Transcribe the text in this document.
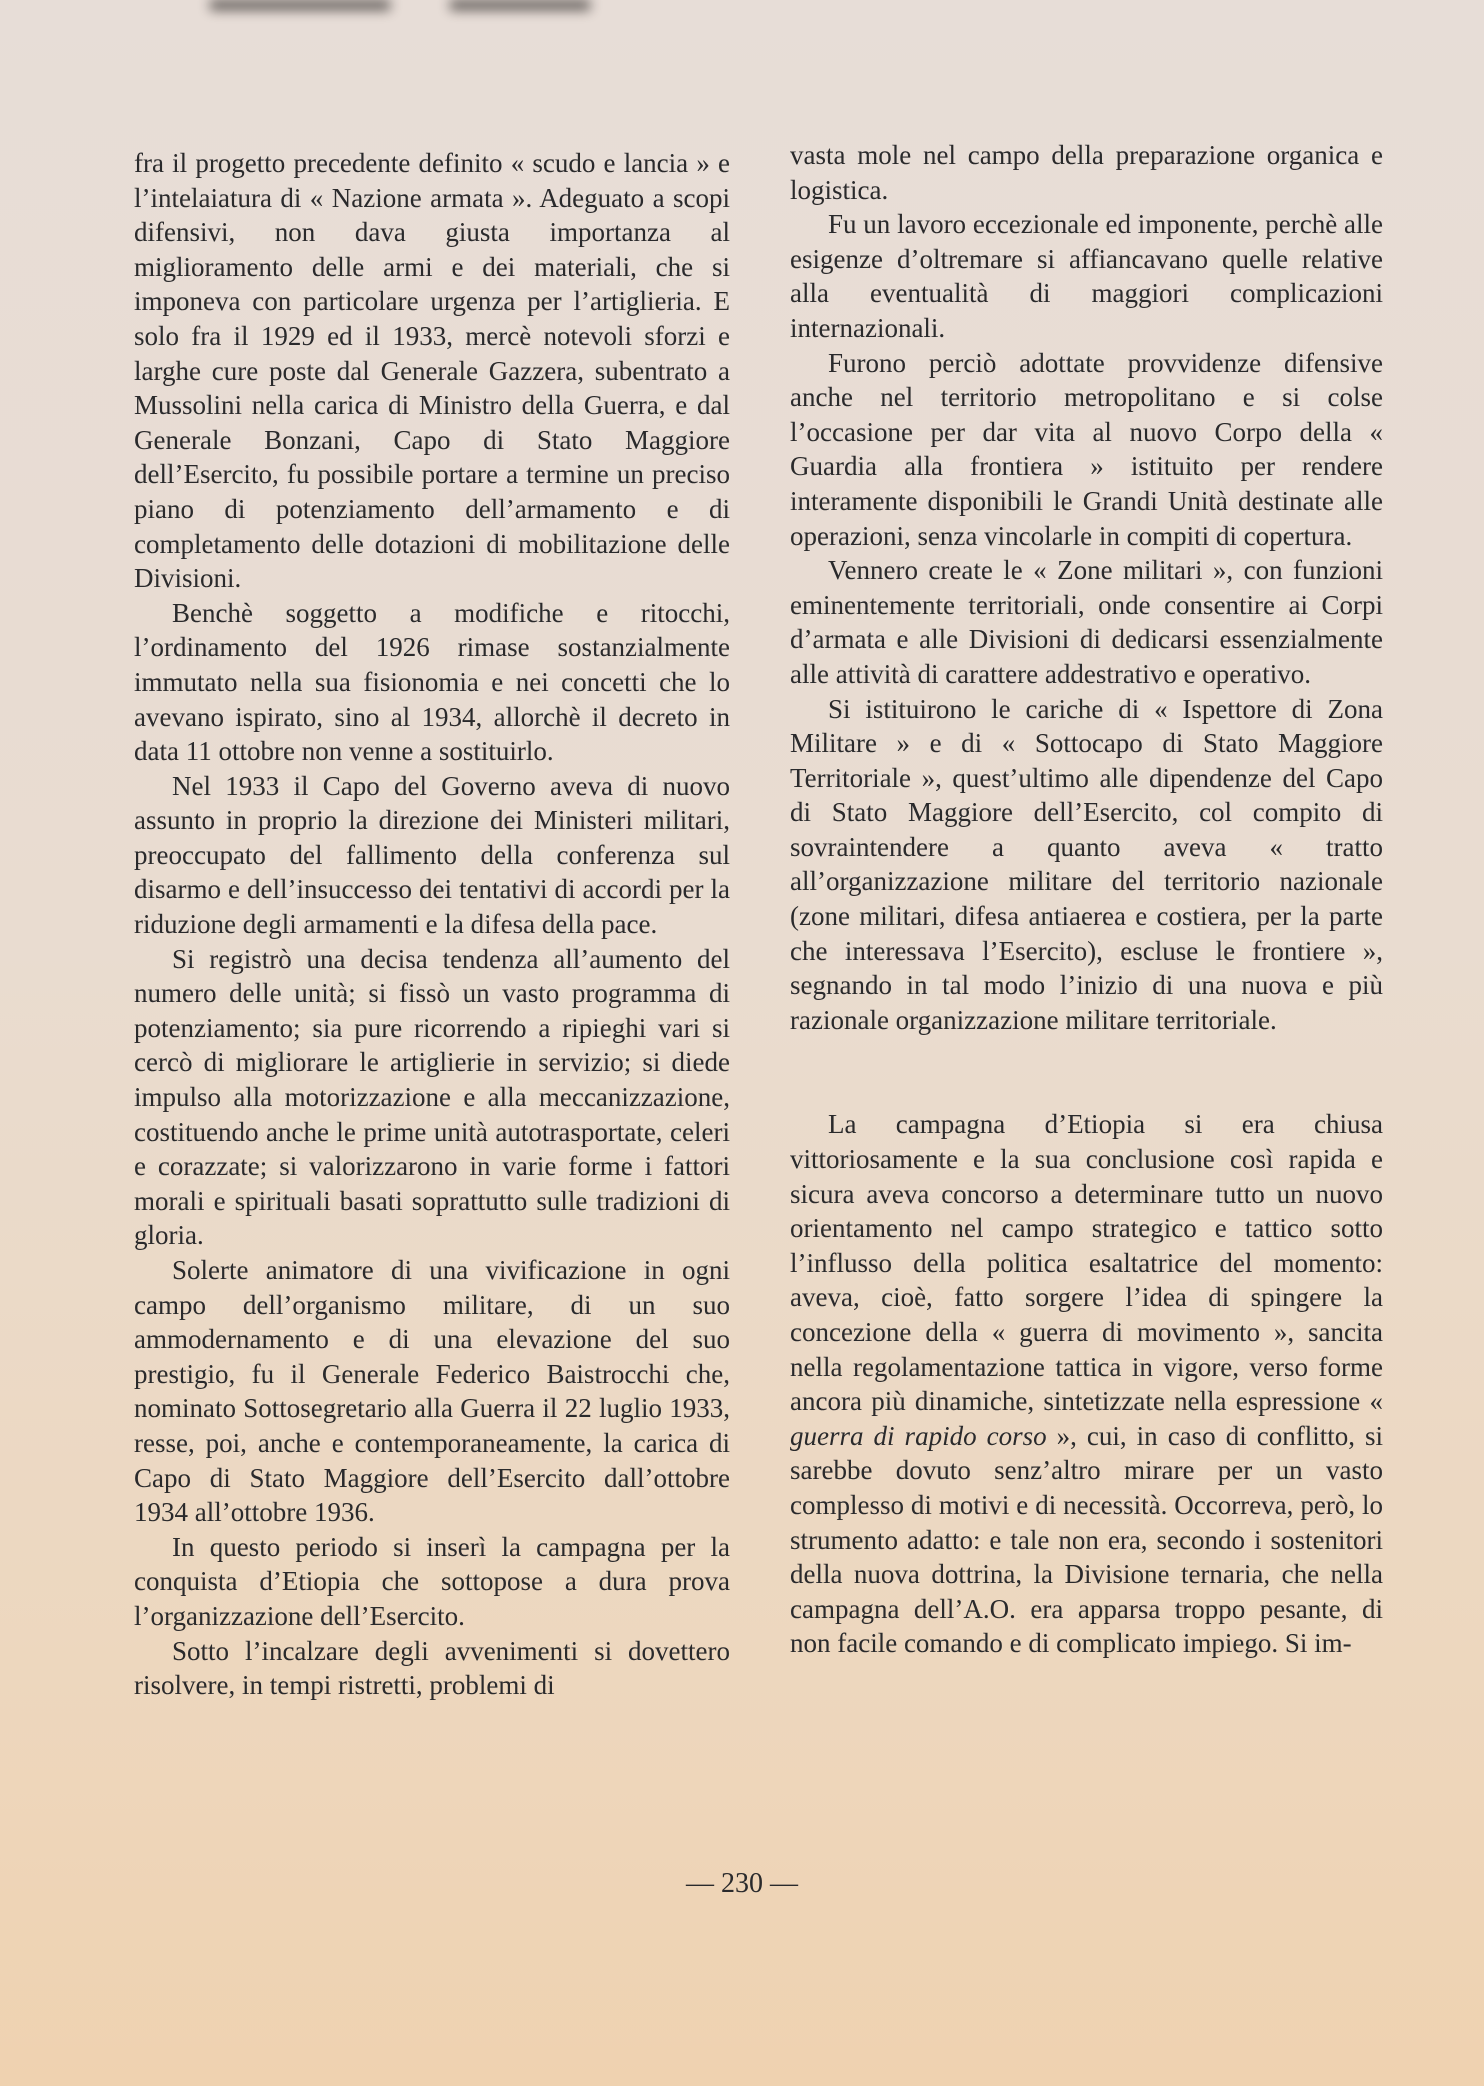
fra il progetto precedente definito « scudo e lancia » e l’intelaiatura di « Nazione armata ». Adeguato a scopi difensivi, non dava giusta importanza al miglioramento delle armi e dei materiali, che si imponeva con particolare urgenza per l’artiglieria. E solo fra il 1929 ed il 1933, mercè notevoli sforzi e larghe cure poste dal Generale Gazzera, subentrato a Mussolini nella carica di Ministro della Guerra, e dal Generale Bonzani, Capo di Stato Maggiore dell’Esercito, fu possibile portare a termine un preciso piano di potenziamento dell’armamento e di completamento delle dotazioni di mobilitazione delle Divisioni.

Benchè soggetto a modifiche e ritocchi, l’ordinamento del 1926 rimase sostanzialmente immutato nella sua fisionomia e nei concetti che lo avevano ispirato, sino al 1934, allorchè il decreto in data 11 ottobre non venne a sostituirlo.

Nel 1933 il Capo del Governo aveva di nuovo assunto in proprio la direzione dei Ministeri militari, preoccupato del fallimento della conferenza sul disarmo e dell’insuccesso dei tentativi di accordi per la riduzione degli armamenti e la difesa della pace.

Si registrò una decisa tendenza all’aumento del numero delle unità; si fissò un vasto programma di potenziamento; sia pure ricorrendo a ripieghi vari si cercò di migliorare le artiglierie in servizio; si diede impulso alla motorizzazione e alla meccanizzazione, costituendo anche le prime unità autotrasportate, celeri e corazzate; si valorizzarono in varie forme i fattori morali e spirituali basati soprattutto sulle tradizioni di gloria.

Solerte animatore di una vivificazione in ogni campo dell’organismo militare, di un suo ammodernamento e di una elevazione del suo prestigio, fu il Generale Federico Baistrocchi che, nominato Sottosegretario alla Guerra il 22 luglio 1933, resse, poi, anche e contemporaneamente, la carica di Capo di Stato Maggiore dell’Esercito dall’ottobre 1934 all’ottobre 1936.

In questo periodo si inserì la campagna per la conquista d’Etiopia che sottopose a dura prova l’organizzazione dell’Esercito.

Sotto l’incalzare degli avvenimenti si dovettero risolvere, in tempi ristretti, problemi di

vasta mole nel campo della preparazione organica e logistica.

Fu un lavoro eccezionale ed imponente, perchè alle esigenze d’oltremare si affiancavano quelle relative alla eventualità di maggiori complicazioni internazionali.

Furono perciò adottate provvidenze difensive anche nel territorio metropolitano e si colse l’occasione per dar vita al nuovo Corpo della « Guardia alla frontiera » istituito per rendere interamente disponibili le Grandi Unità destinate alle operazioni, senza vincolarle in compiti di copertura.

Vennero create le « Zone militari », con funzioni eminentemente territoriali, onde consentire ai Corpi d’armata e alle Divisioni di dedicarsi essenzialmente alle attività di carattere addestrativo e operativo.

Si istituirono le cariche di « Ispettore di Zona Militare » e di « Sottocapo di Stato Maggiore Territoriale », quest’ultimo alle dipendenze del Capo di Stato Maggiore dell’Esercito, col compito di sovraintendere a quanto aveva « tratto all’organizzazione militare del territorio nazionale (zone militari, difesa antiaerea e costiera, per la parte che interessava l’Esercito), escluse le frontiere », segnando in tal modo l’inizio di una nuova e più razionale organizzazione militare territoriale.

La campagna d’Etiopia si era chiusa vittoriosamente e la sua conclusione così rapida e sicura aveva concorso a determinare tutto un nuovo orientamento nel campo strategico e tattico sotto l’influsso della politica esaltatrice del momento: aveva, cioè, fatto sorgere l’idea di spingere la concezione della « guerra di movimento », sancita nella regolamentazione tattica in vigore, verso forme ancora più dinamiche, sintetizzate nella espressione « guerra di rapido corso », cui, in caso di conflitto, si sarebbe dovuto senz’altro mirare per un vasto complesso di motivi e di necessità. Occorreva, però, lo strumento adatto: e tale non era, secondo i sostenitori della nuova dottrina, la Divisione ternaria, che nella campagna dell’A.O. era apparsa troppo pesante, di non facile comando e di complicato impiego. Si im-

— 230 —
